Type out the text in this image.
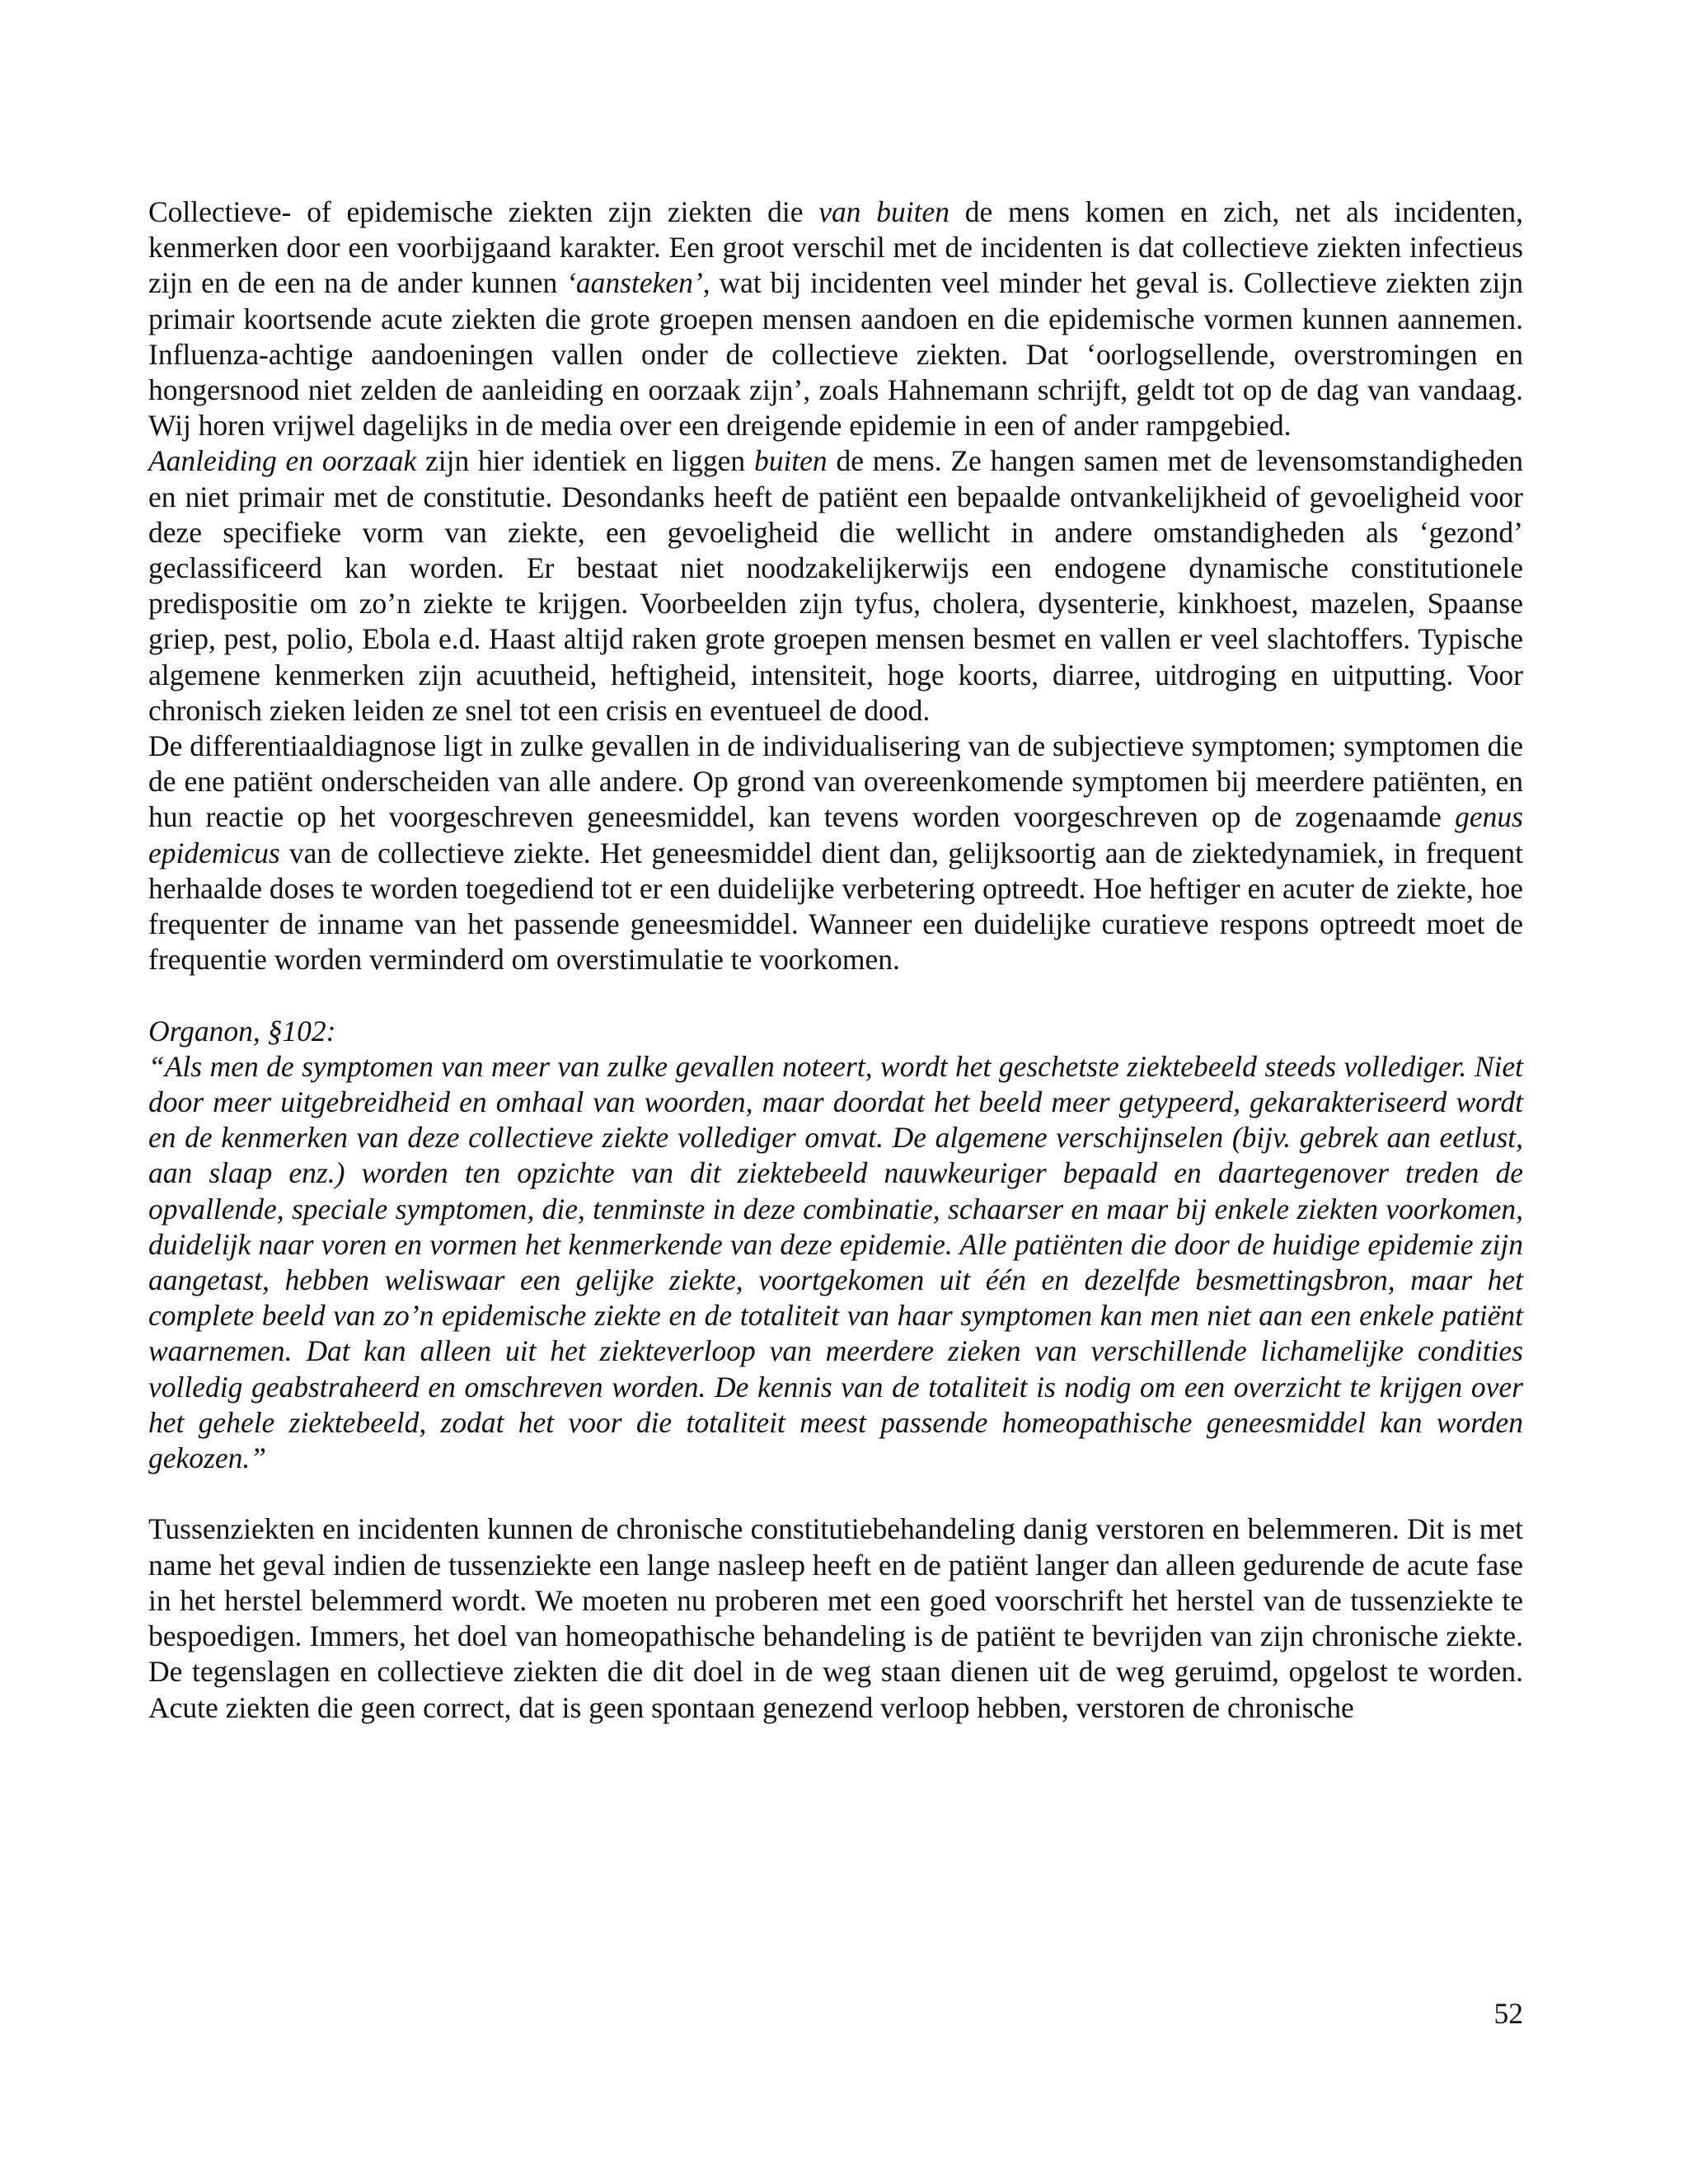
Collectieve- of epidemische ziekten zijn ziekten die van buiten de mens komen en zich, net als incidenten, kenmerken door een voorbijgaand karakter. Een groot verschil met de incidenten is dat collectieve ziekten infectieus zijn en de een na de ander kunnen ‘aansteken’, wat bij incidenten veel minder het geval is. Collectieve ziekten zijn primair koortsende acute ziekten die grote groepen mensen aandoen en die epidemische vormen kunnen aannemen. Influenza-achtige aandoeningen vallen onder de collectieve ziekten. Dat ‘oorlogsellende, overstromingen en hongersnood niet zelden de aanleiding en oorzaak zijn’, zoals Hahnemann schrijft, geldt tot op de dag van vandaag. Wij horen vrijwel dagelijks in de media over een dreigende epidemie in een of ander rampgebied.

Aanleiding en oorzaak zijn hier identiek en liggen buiten de mens. Ze hangen samen met de levensomstandigheden en niet primair met de constitutie. Desondanks heeft de patiënt een bepaalde ontvankelijkheid of gevoeligheid voor deze specifieke vorm van ziekte, een gevoeligheid die wellicht in andere omstandigheden als ‘gezond’ geclassificeerd kan worden. Er bestaat niet noodzakelijkerwijs een endogene dynamische constitutionele predispositie om zo’n ziekte te krijgen. Voorbeelden zijn tyfus, cholera, dysenterie, kinkhoest, mazelen, Spaanse griep, pest, polio, Ebola e.d. Haast altijd raken grote groepen mensen besmet en vallen er veel slachtoffers. Typische algemene kenmerken zijn acuutheid, heftigheid, intensiteit, hoge koorts, diarree, uitdroging en uitputting. Voor chronisch zieken leiden ze snel tot een crisis en eventueel de dood.

De differentiaaldiagnose ligt in zulke gevallen in de individualisering van de subjectieve symptomen; symptomen die de ene patiënt onderscheiden van alle andere. Op grond van overeenkomende symptomen bij meerdere patiënten, en hun reactie op het voorgeschreven geneesmiddel, kan tevens worden voorgeschreven op de zogenaamde genus epidemicus van de collectieve ziekte. Het geneesmiddel dient dan, gelijksoortig aan de ziektedynamiek, in frequent herhaalde doses te worden toegediend tot er een duidelijke verbetering optreedt. Hoe heftiger en acuter de ziekte, hoe frequenter de inname van het passende geneesmiddel. Wanneer een duidelijke curatieve respons optreedt moet de frequentie worden verminderd om overstimulatie te voorkomen.

Organon, §102:

“Als men de symptomen van meer van zulke gevallen noteert, wordt het geschetste ziektebeeld steeds vollediger. Niet door meer uitgebreidheid en omhaal van woorden, maar doordat het beeld meer getypeerd, gekarakteriseerd wordt en de kenmerken van deze collectieve ziekte vollediger omvat. De algemene verschijnselen (bijv. gebrek aan eetlust, aan slaap enz.) worden ten opzichte van dit ziektebeeld nauwkeuriger bepaald en daartegenover treden de opvallende, speciale symptomen, die, tenminste in deze combinatie, schaarser en maar bij enkele ziekten voorkomen, duidelijk naar voren en vormen het kenmerkende van deze epidemie. Alle patiënten die door de huidige epidemie zijn aangetast, hebben weliswaar een gelijke ziekte, voortgekomen uit één en dezelfde besmettingsbron, maar het complete beeld van zo’n epidemische ziekte en de totaliteit van haar symptomen kan men niet aan een enkele patiënt waarnemen. Dat kan alleen uit het ziekteverloop van meerdere zieken van verschillende lichamelijke condities volledig geabstraheerd en omschreven worden. De kennis van de totaliteit is nodig om een overzicht te krijgen over het gehele ziektebeeld, zodat het voor die totaliteit meest passende homeopathische geneesmiddel kan worden gekozen.”

Tussenziekten en incidenten kunnen de chronische constitutiebehandeling danig verstoren en belemmeren. Dit is met name het geval indien de tussenziekte een lange nasleep heeft en de patiënt langer dan alleen gedurende de acute fase in het herstel belemmerd wordt. We moeten nu proberen met een goed voorschrift het herstel van de tussenziekte te bespoedigen. Immers, het doel van homeopathische behandeling is de patiënt te bevrijden van zijn chronische ziekte. De tegenslagen en collectieve ziekten die dit doel in de weg staan dienen uit de weg geruimd, opgelost te worden. Acute ziekten die geen correct, dat is geen spontaan genezend verloop hebben, verstoren de chronische

52
